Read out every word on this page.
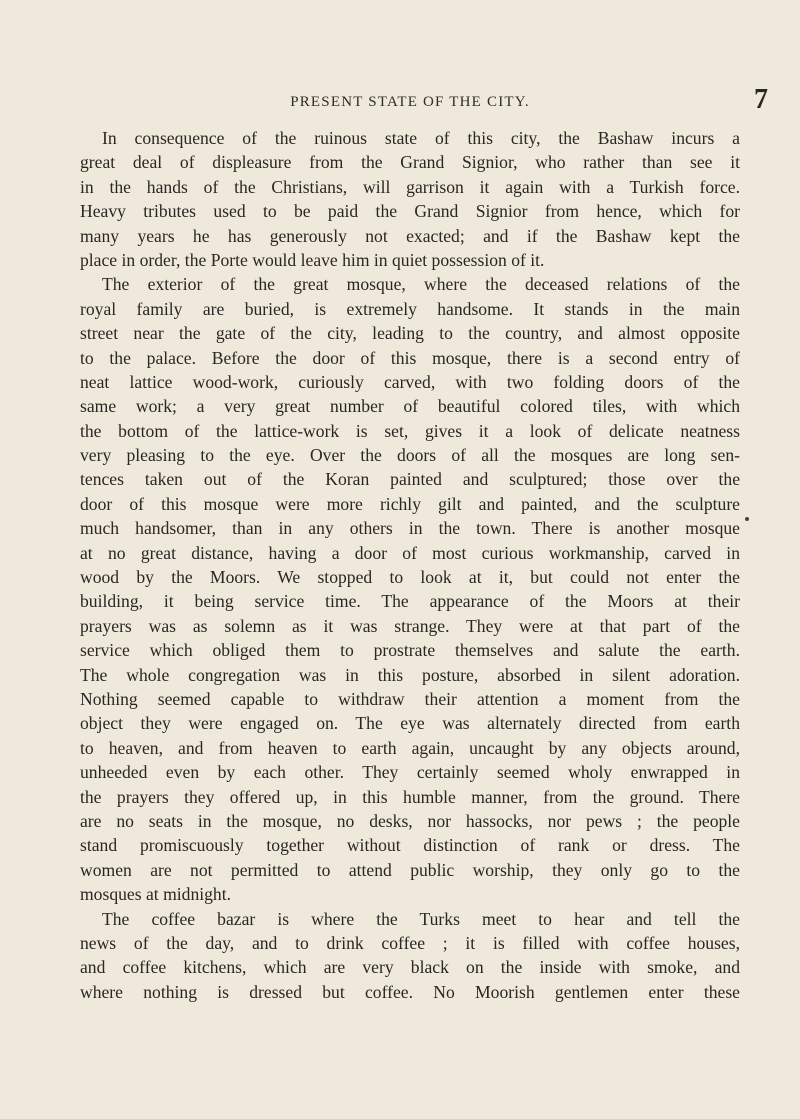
PRESENT STATE OF THE CITY.	7
In consequence of the ruinous state of this city, the Bashaw incurs a
great deal of displeasure from the Grand Signior, who rather than see it
in the hands of the Christians, will garrison it again with a Turkish force.
Heavy tributes used to be paid the Grand Signior from hence, which for
many years he has generously not exacted; and if the Bashaw kept the
place in order, the Porte would leave him in quiet possession of it.
The exterior of the great mosque, where the deceased relations of the
royal family are buried, is extremely handsome. It stands in the main
street near the gate of the city, leading to the country, and almost opposite
to the palace. Before the door of this mosque, there is a second entry of
neat lattice wood-work, curiously carved, with two folding doors of the
same work; a very great number of beautiful colored tiles, with which
the bottom of the lattice-work is set, gives it a look of delicate neatness
very pleasing to the eye. Over the doors of all the mosques are long sen-
tences taken out of the Koran painted and sculptured; those over the
door of this mosque were more richly gilt and painted, and the sculpture
much handsomer, than in any others in the town. There is another mosque
at no great distance, having a door of most curious workmanship, carved in
wood by the Moors. We stopped to look at it, but could not enter the
building, it being service time. The appearance of the Moors at their
prayers was as solemn as it was strange. They were at that part of the
service which obliged them to prostrate themselves and salute the earth.
The whole congregation was in this posture, absorbed in silent adoration.
Nothing seemed capable to withdraw their attention a moment from the
object they were engaged on. The eye was alternately directed from earth
to heaven, and from heaven to earth again, uncaught by any objects around,
unheeded even by each other. They certainly seemed wholy enwrapped in
the prayers they offered up, in this humble manner, from the ground. There
are no seats in the mosque, no desks, nor hassocks, nor pews ; the people
stand promiscuously together without distinction of rank or dress. The
women are not permitted to attend public worship, they only go to the
mosques at midnight.
The coffee bazar is where the Turks meet to hear and tell the
news of the day, and to drink coffee ; it is filled with coffee houses,
and coffee kitchens, which are very black on the inside with smoke, and
where nothing is dressed but coffee. No Moorish gentlemen enter these
